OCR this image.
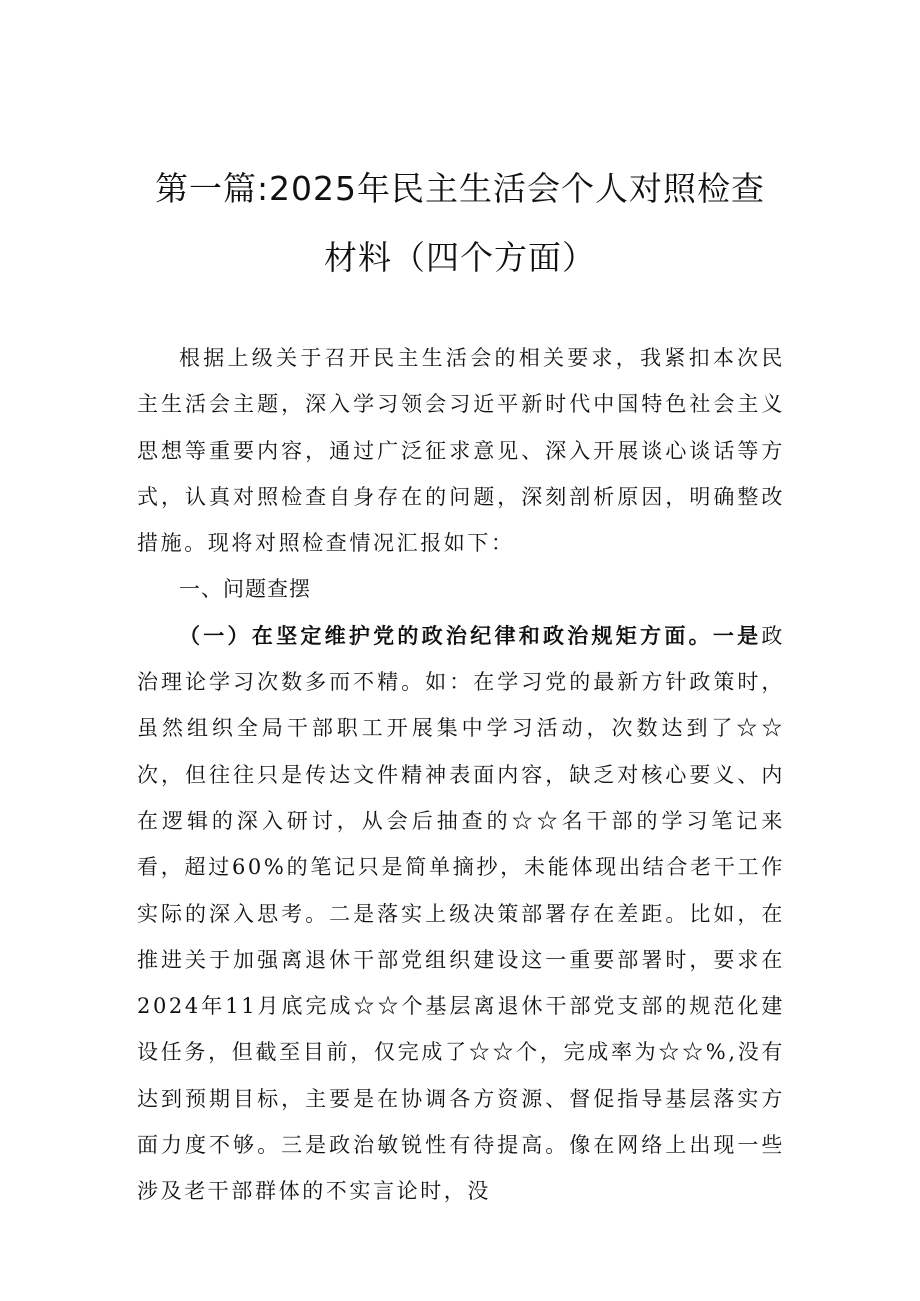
第一篇:2025年民主生活会个人对照检查
材料（四个方面）

根据上级关于召开民主生活会的相关要求，我紧扣本次民主生活会主题，深入学习领会习近平新时代中国特色社会主义思想等重要内容，通过广泛征求意见、深入开展谈心谈话等方式，认真对照检查自身存在的问题，深刻剖析原因，明确整改措施。现将对照检查情况汇报如下：

一、问题查摆

（一）在坚定维护党的政治纪律和政治规矩方面。一是政治理论学习次数多而不精。如：在学习党的最新方针政策时，虽然组织全局干部职工开展集中学习活动，次数达到了☆☆次，但往往只是传达文件精神表面内容，缺乏对核心要义、内在逻辑的深入研讨，从会后抽查的☆☆名干部的学习笔记来看，超过60%的笔记只是简单摘抄，未能体现出结合老干工作实际的深入思考。二是落实上级决策部署存在差距。比如，在推进关于加强离退休干部党组织建设这一重要部署时，要求在2024年11月底完成☆☆个基层离退休干部党支部的规范化建设任务，但截至目前，仅完成了☆☆个，完成率为☆☆%,没有达到预期目标，主要是在协调各方资源、督促指导基层落实方面力度不够。三是政治敏锐性有待提高。像在网络上出现一些涉及老干部群体的不实言论时，没
